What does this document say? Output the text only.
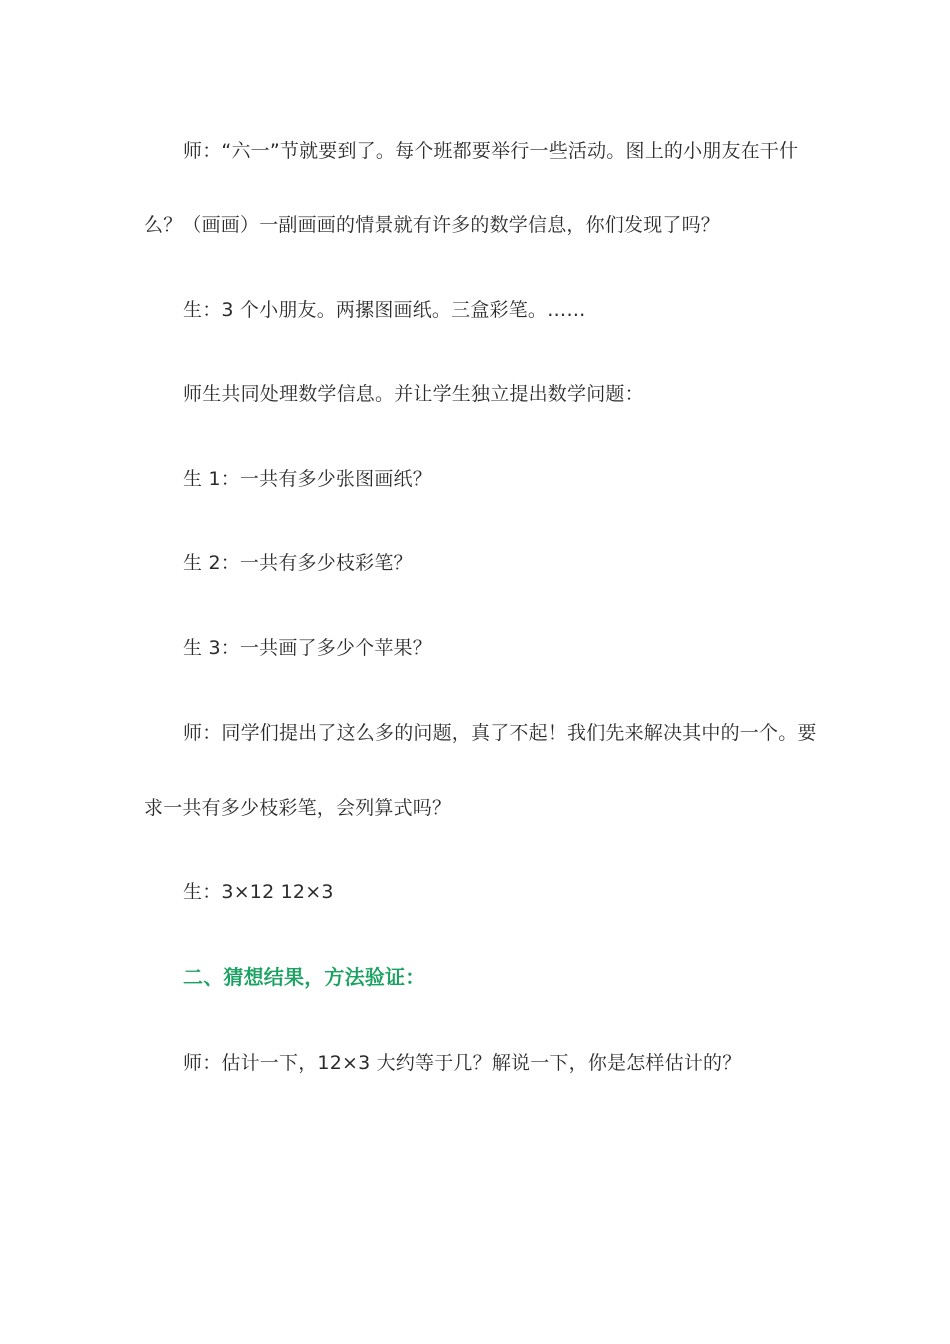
师：“六一”节就要到了。每个班都要举行一些活动。图上的小朋友在干什
么？（画画）一副画画的情景就有许多的数学信息，你们发现了吗？
生：3 个小朋友。两摞图画纸。三盒彩笔。……
师生共同处理数学信息。并让学生独立提出数学问题：
生 1：一共有多少张图画纸？
生 2：一共有多少枝彩笔？
生 3：一共画了多少个苹果？
师：同学们提出了这么多的问题，真了不起！我们先来解决其中的一个。要
求一共有多少枝彩笔，会列算式吗？
生：3×12 12×3
二、猜想结果，方法验证：
师：估计一下，12×3 大约等于几？解说一下，你是怎样估计的？
